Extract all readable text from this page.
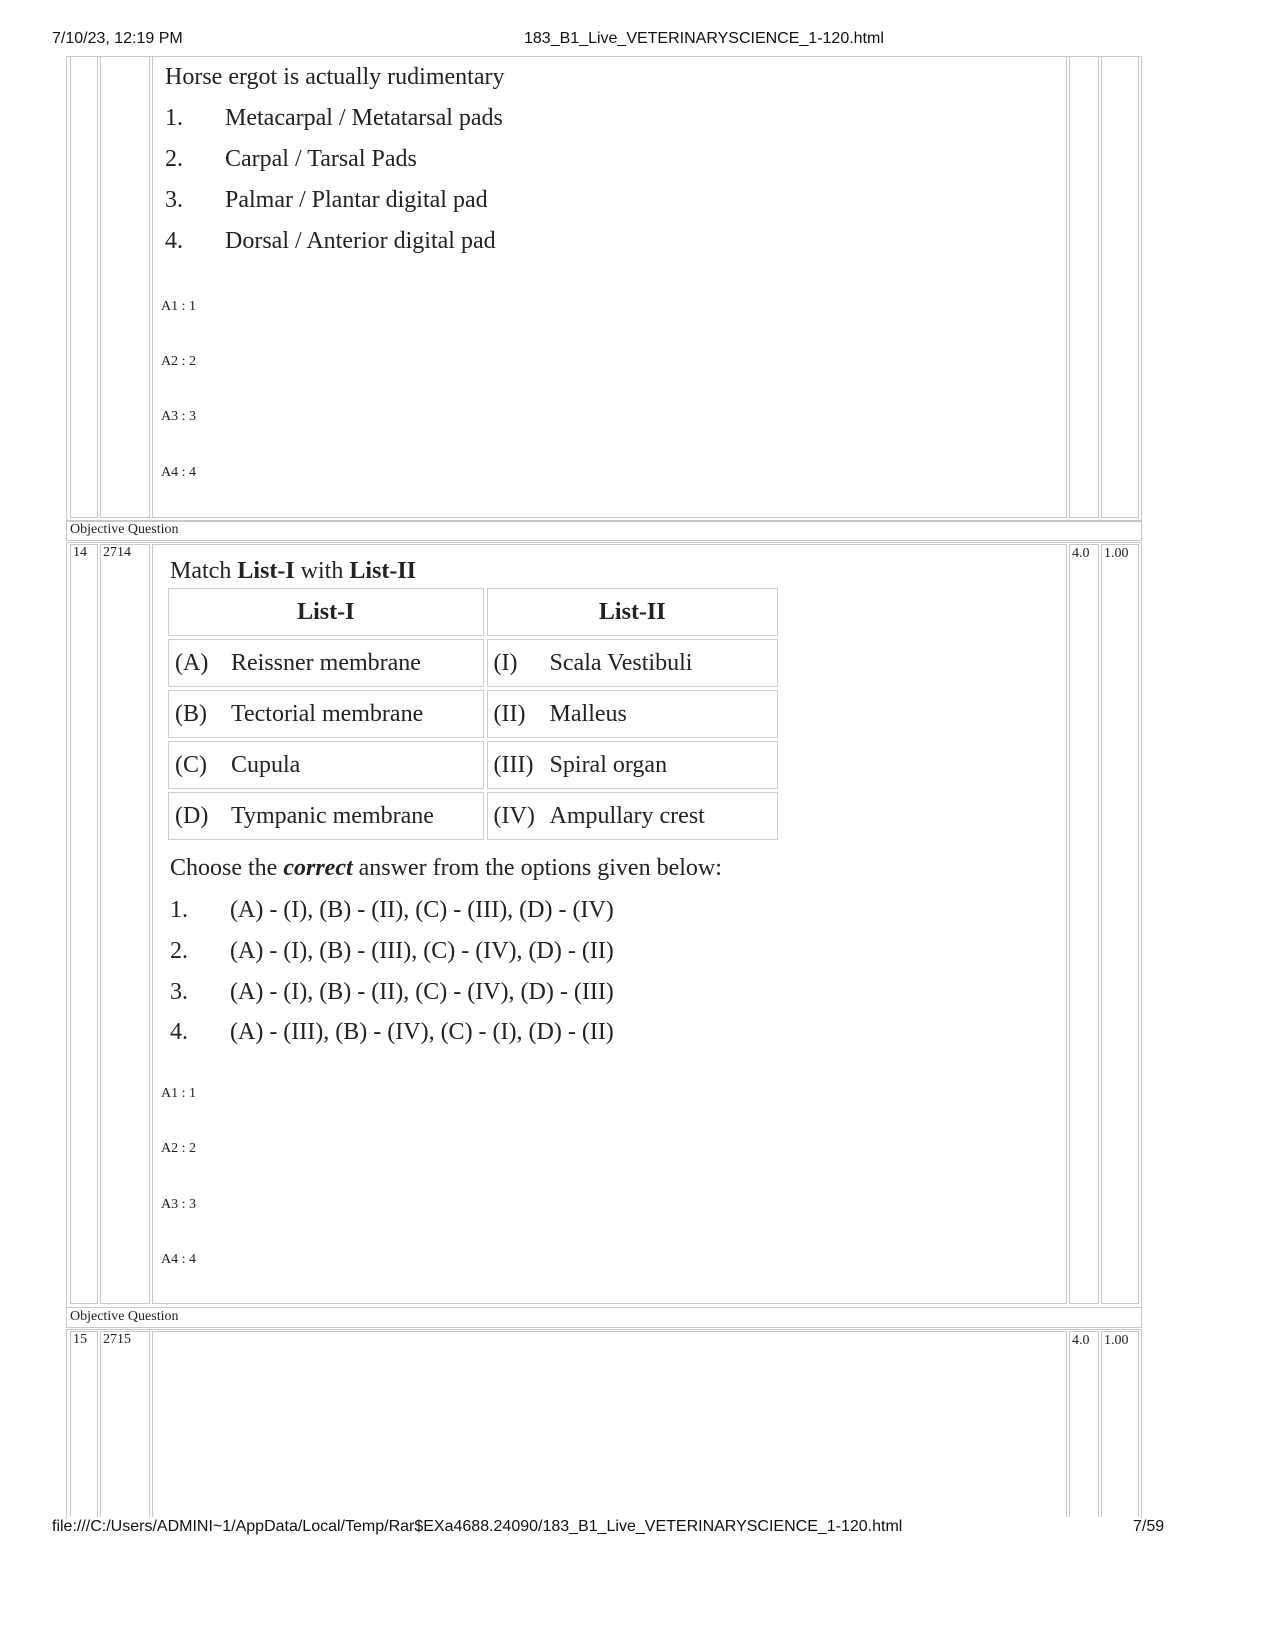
7/10/23, 12:19 PM	183_B1_Live_VETERINARYSCIENCE_1-120.html
file:///C:/Users/ADMINI~1/AppData/Local/Temp/Rar$EXa4688.24090/183_B1_Live_VETERINARYSCIENCE_1-120.html	7/59
Horse ergot is actually rudimentary
1. Metacarpal / Metatarsal pads
2. Carpal / Tarsal Pads
3. Palmar / Plantar digital pad
4. Dorsal / Anterior digital pad
A1 : 1
A2 : 2
A3 : 3
A4 : 4
Objective Question
14 2714	4.0 1.00
Match List-I with List-II
List-I	List-II
(A) Reissner membrane	(I) Scala Vestibuli
(B) Tectorial membrane	(II) Malleus
(C) Cupula	(III) Spiral organ
(D) Tympanic membrane	(IV) Ampullary crest
Choose the correct answer from the options given below:
1. (A) - (I), (B) - (II), (C) - (III), (D) - (IV)
2. (A) - (I), (B) - (III), (C) - (IV), (D) - (II)
3. (A) - (I), (B) - (II), (C) - (IV), (D) - (III)
4. (A) - (III), (B) - (IV), (C) - (I), (D) - (II)
A1 : 1
A2 : 2
A3 : 3
A4 : 4
Objective Question
15 2715	4.0 1.00
